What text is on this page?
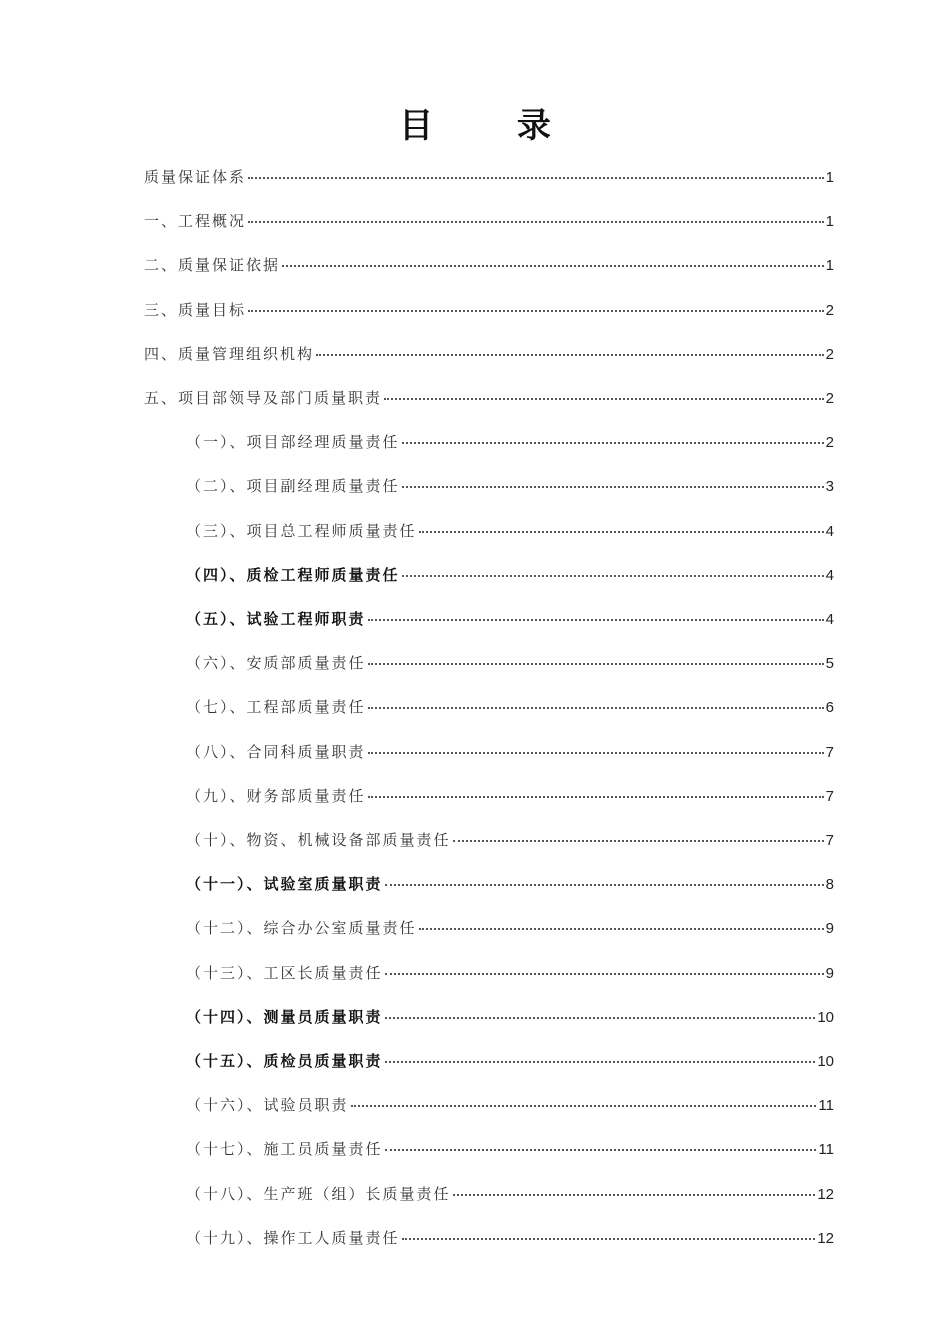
目 录
质量保证体系	1
一、工程概况	1
二、质量保证依据	1
三、质量目标	2
四、质量管理组织机构	2
五、项目部领导及部门质量职责	2
（一）、项目部经理质量责任	2
（二）、项目副经理质量责任	3
（三）、项目总工程师质量责任	4
（四）、质检工程师质量责任	4
（五）、试验工程师职责	4
（六）、安质部质量责任	5
（七）、工程部质量责任	6
（八）、合同科质量职责	7
（九）、财务部质量责任	7
（十）、物资、机械设备部质量责任	7
（十一）、试验室质量职责	8
（十二）、综合办公室质量责任	9
（十三）、工区长质量责任	9
（十四）、测量员质量职责	10
（十五）、质检员质量职责	10
（十六）、试验员职责	11
（十七）、施工员质量责任	11
（十八）、生产班（组）长质量责任	12
（十九）、操作工人质量责任	12
